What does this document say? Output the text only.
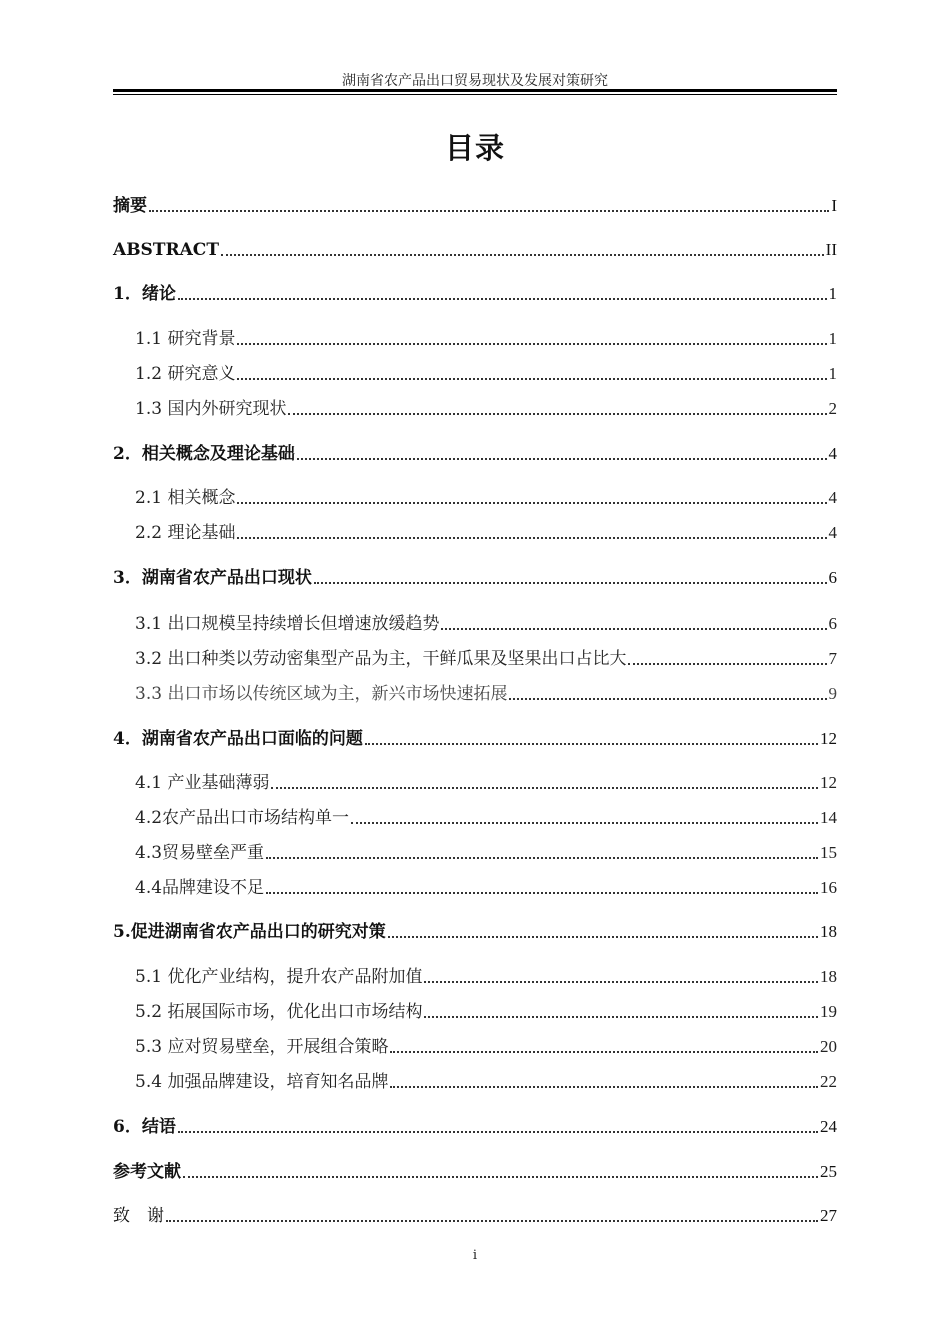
湖南省农产品出口贸易现状及发展对策研究
目录
摘要	I
ABSTRACT	II
1．绪论	1
1.1 研究背景	1
1.2 研究意义	1
1.3 国内外研究现状	2
2．相关概念及理论基础	4
2.1 相关概念	4
2.2 理论基础	4
3．湖南省农产品出口现状	6
3.1 出口规模呈持续增长但增速放缓趋势	6
3.2 出口种类以劳动密集型产品为主，干鲜瓜果及坚果出口占比大	7
3.3 出口市场以传统区域为主，新兴市场快速拓展	9
4．湖南省农产品出口面临的问题	12
4.1 产业基础薄弱	12
4.2农产品出口市场结构单一	14
4.3贸易壁垒严重	15
4.4品牌建设不足	16
5.促进湖南省农产品出口的研究对策	18
5.1 优化产业结构，提升农产品附加值	18
5.2 拓展国际市场，优化出口市场结构	19
5.3 应对贸易壁垒，开展组合策略	20
5.4 加强品牌建设，培育知名品牌	22
6．结语	24
参考文献	25
致　谢	27
i
